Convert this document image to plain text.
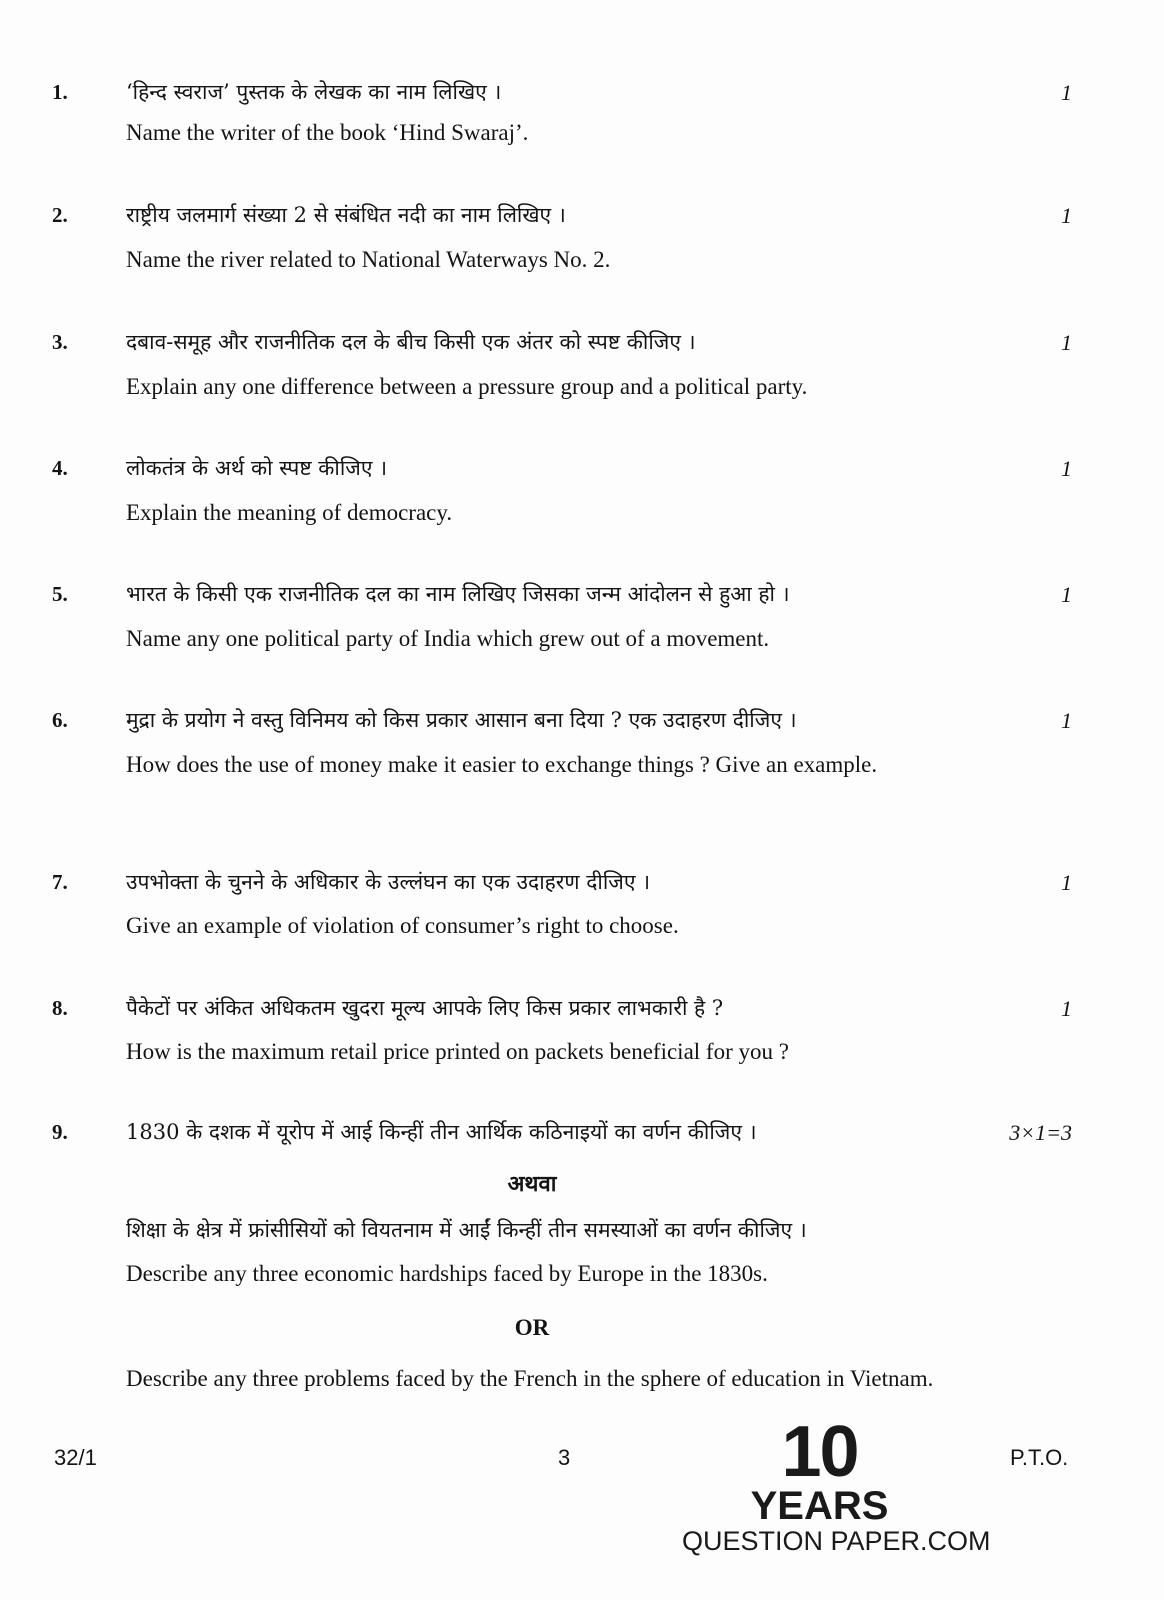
1.	‘हिन्द स्वराज’ पुस्तक के लेखक का नाम लिखिए ।	1
Name the writer of the book ‘Hind Swaraj’.
2.	राष्ट्रीय जलमार्ग संख्या 2 से संबंधित नदी का नाम लिखिए ।	1
Name the river related to National Waterways No. 2.
3.	दबाव-समूह और राजनीतिक दल के बीच किसी एक अंतर को स्पष्ट कीजिए ।	1
Explain any one difference between a pressure group and a political party.
4.	लोकतंत्र के अर्थ को स्पष्ट कीजिए ।	1
Explain the meaning of democracy.
5.	भारत के किसी एक राजनीतिक दल का नाम लिखिए जिसका जन्म आंदोलन से हुआ हो ।	1
Name any one political party of India which grew out of a movement.
6.	मुद्रा के प्रयोग ने वस्तु विनिमय को किस प्रकार आसान बना दिया ? एक उदाहरण दीजिए ।	1
How does the use of money make it easier to exchange things ? Give an example.
7.	उपभोक्ता के चुनने के अधिकार के उल्लंघन का एक उदाहरण दीजिए ।	1
Give an example of violation of consumer’s right to choose.
8.	पैकेटों पर अंकित अधिकतम खुदरा मूल्य आपके लिए किस प्रकार लाभकारी है ?	1
How is the maximum retail price printed on packets beneficial for you ?
9.	1830 के दशक में यूरोप में आई किन्हीं तीन आर्थिक कठिनाइयों का वर्णन कीजिए ।	3×1=3
अथवा
शिक्षा के क्षेत्र में फ्रांसीसियों को वियतनाम में आईं किन्हीं तीन समस्याओं का वर्णन कीजिए ।
Describe any three economic hardships faced by Europe in the 1830s.
OR
Describe any three problems faced by the French in the sphere of education in Vietnam.
32/1	3	P.T.O.
10
YEARS
QUESTION PAPER.COM
